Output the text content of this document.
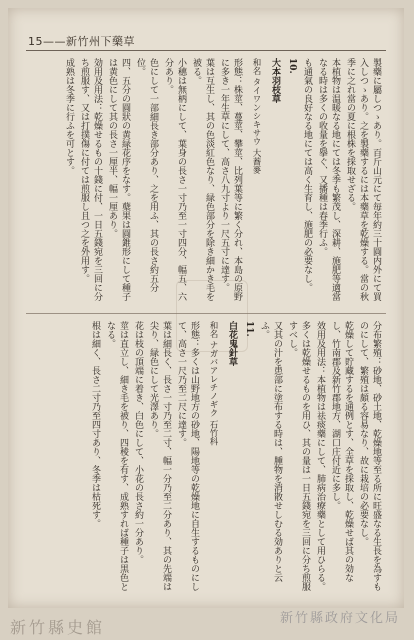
15——新竹州下藥草

製藥に屬しつゝあり。百斤山元にて毎年約三十圓内外にて買入しつゝあり。之を製藥するには本藥草を乾燥する。當の秋季に之れ當の夏に根株を採取せざる。

本植物は温暖なる地にては冬季も繁茂し、深耕、施肥等適當なる時は多くの收量を擧ぐ、又播種は春季行ふ。

も通氣の良好なる地にては高く生育し、施肥の必要なし。

10.

大本羽枝草

和名 タイワンシキサウ 大蕎麥

形態：株莖、蔓莖、攀莖、比列葉等に繁く分れ、本島の原野に多き一年生草にして、高さ八九寸より一尺五寸に達す。

葉は互生し、其の色淡紅色なり、緑色部分を除き細かき毛を被る。

小穗は無柄にして、葉身の長さ一寸乃至一寸四分、幅五、六分あり。

色にして一部細長き部分あり、之を用ふ、其の長さ約五分位。

四、五分の圓狀の黄緑花序をなす。蘖果は圓錐形にして種子は黄色にして其の長さ一厘半、幅一厘あり。

効用及用法：乾燥せるもの十錢に付、一日五錢宛を三回に分ち煎服す、又は打撲傷に付ては煎服し且つ之を外用す。

成熟は冬季に行ふを可とす。

分布繁殖：砂地、砂土地、乾燥地等至る所に旺盛なる生長を為すものにして、繁殖は頗る容易なり、故に栽培の必要なし。

乾燥して貯藏するを通例とす、全草を採取し、乾燥せば其の効なし、竹南郡及新竹郡地方、湖口庄付近に多し。

效用及用法：本植物は祛痰藥にして、肺病治療藥として用ひらる。

多くは乾燥せるものを用ひ、其の量は一日五錢宛を三回に分ち煎服すべし。

又其の汁を患部に塗布する時は、腫物を消散せしむる効ありと云ふ。

11.

白花鬼針草

和名 ナガバアレチノギク 石竹科

形態：多くは山野地方の砂地、陽地等の乾燥地に自生するものにして、高さ一尺乃至二尺に達す。

葉は細長く、長さ一寸乃至二寸、幅一分乃至二分あり、其の先端は尖り、緑色にして光澤あり。

花は枝の頂端に着き、白色にして、小花の長さ約一分あり。

莖は直立し、細き毛を被り、四稜を有す、成熟すれば種子は黒色となる。

根は細く、長さ二寸乃至四寸あり、冬季は枯死す。

新竹縣政府文化局
新竹縣史館
